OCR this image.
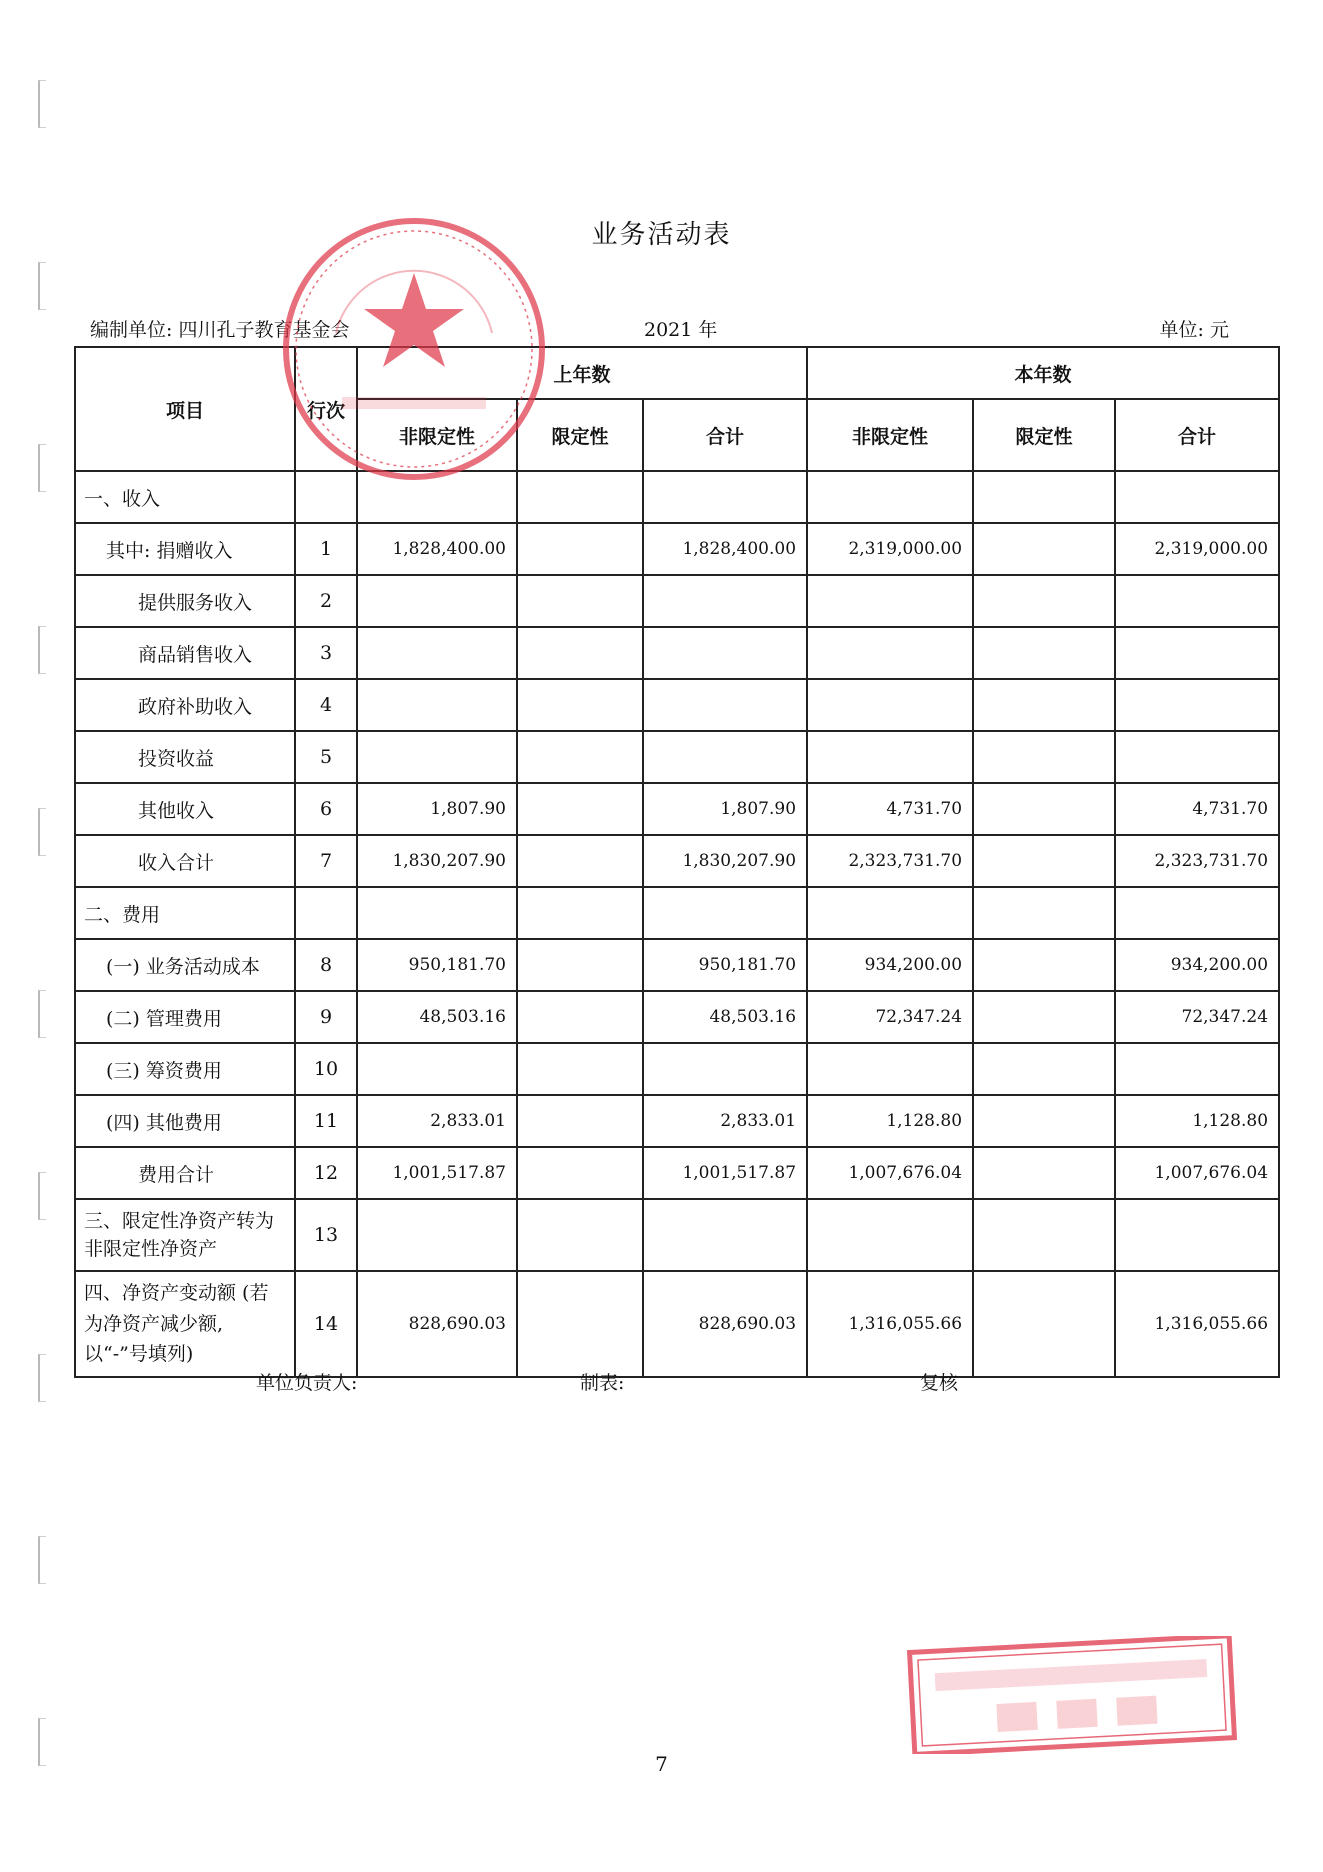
业务活动表
编制单位: 四川孔子教育基金会	2021 年	单位: 元
项目	行次	上年数			本年数		
		非限定性	限定性	合计	非限定性	限定性	合计
一、收入							
其中: 捐赠收入	1	1,828,400.00		1,828,400.00	2,319,000.00		2,319,000.00
提供服务收入	2						
商品销售收入	3						
政府补助收入	4						
投资收益	5						
其他收入	6	1,807.90		1,807.90	4,731.70		4,731.70
收入合计	7	1,830,207.90		1,830,207.90	2,323,731.70		2,323,731.70
二、费用							
(一) 业务活动成本	8	950,181.70		950,181.70	934,200.00		934,200.00
(二) 管理费用	9	48,503.16		48,503.16	72,347.24		72,347.24
(三) 筹资费用	10						
(四) 其他费用	11	2,833.01		2,833.01	1,128.80		1,128.80
费用合计	12	1,001,517.87		1,001,517.87	1,007,676.04		1,007,676.04
三、限定性净资产转为非限定性净资产	13						
四、净资产变动额 (若为净资产减少额, 以“-”号填列)	14	828,690.03		828,690.03	1,316,055.66		1,316,055.66
单位负责人:	制表:	复核
7
